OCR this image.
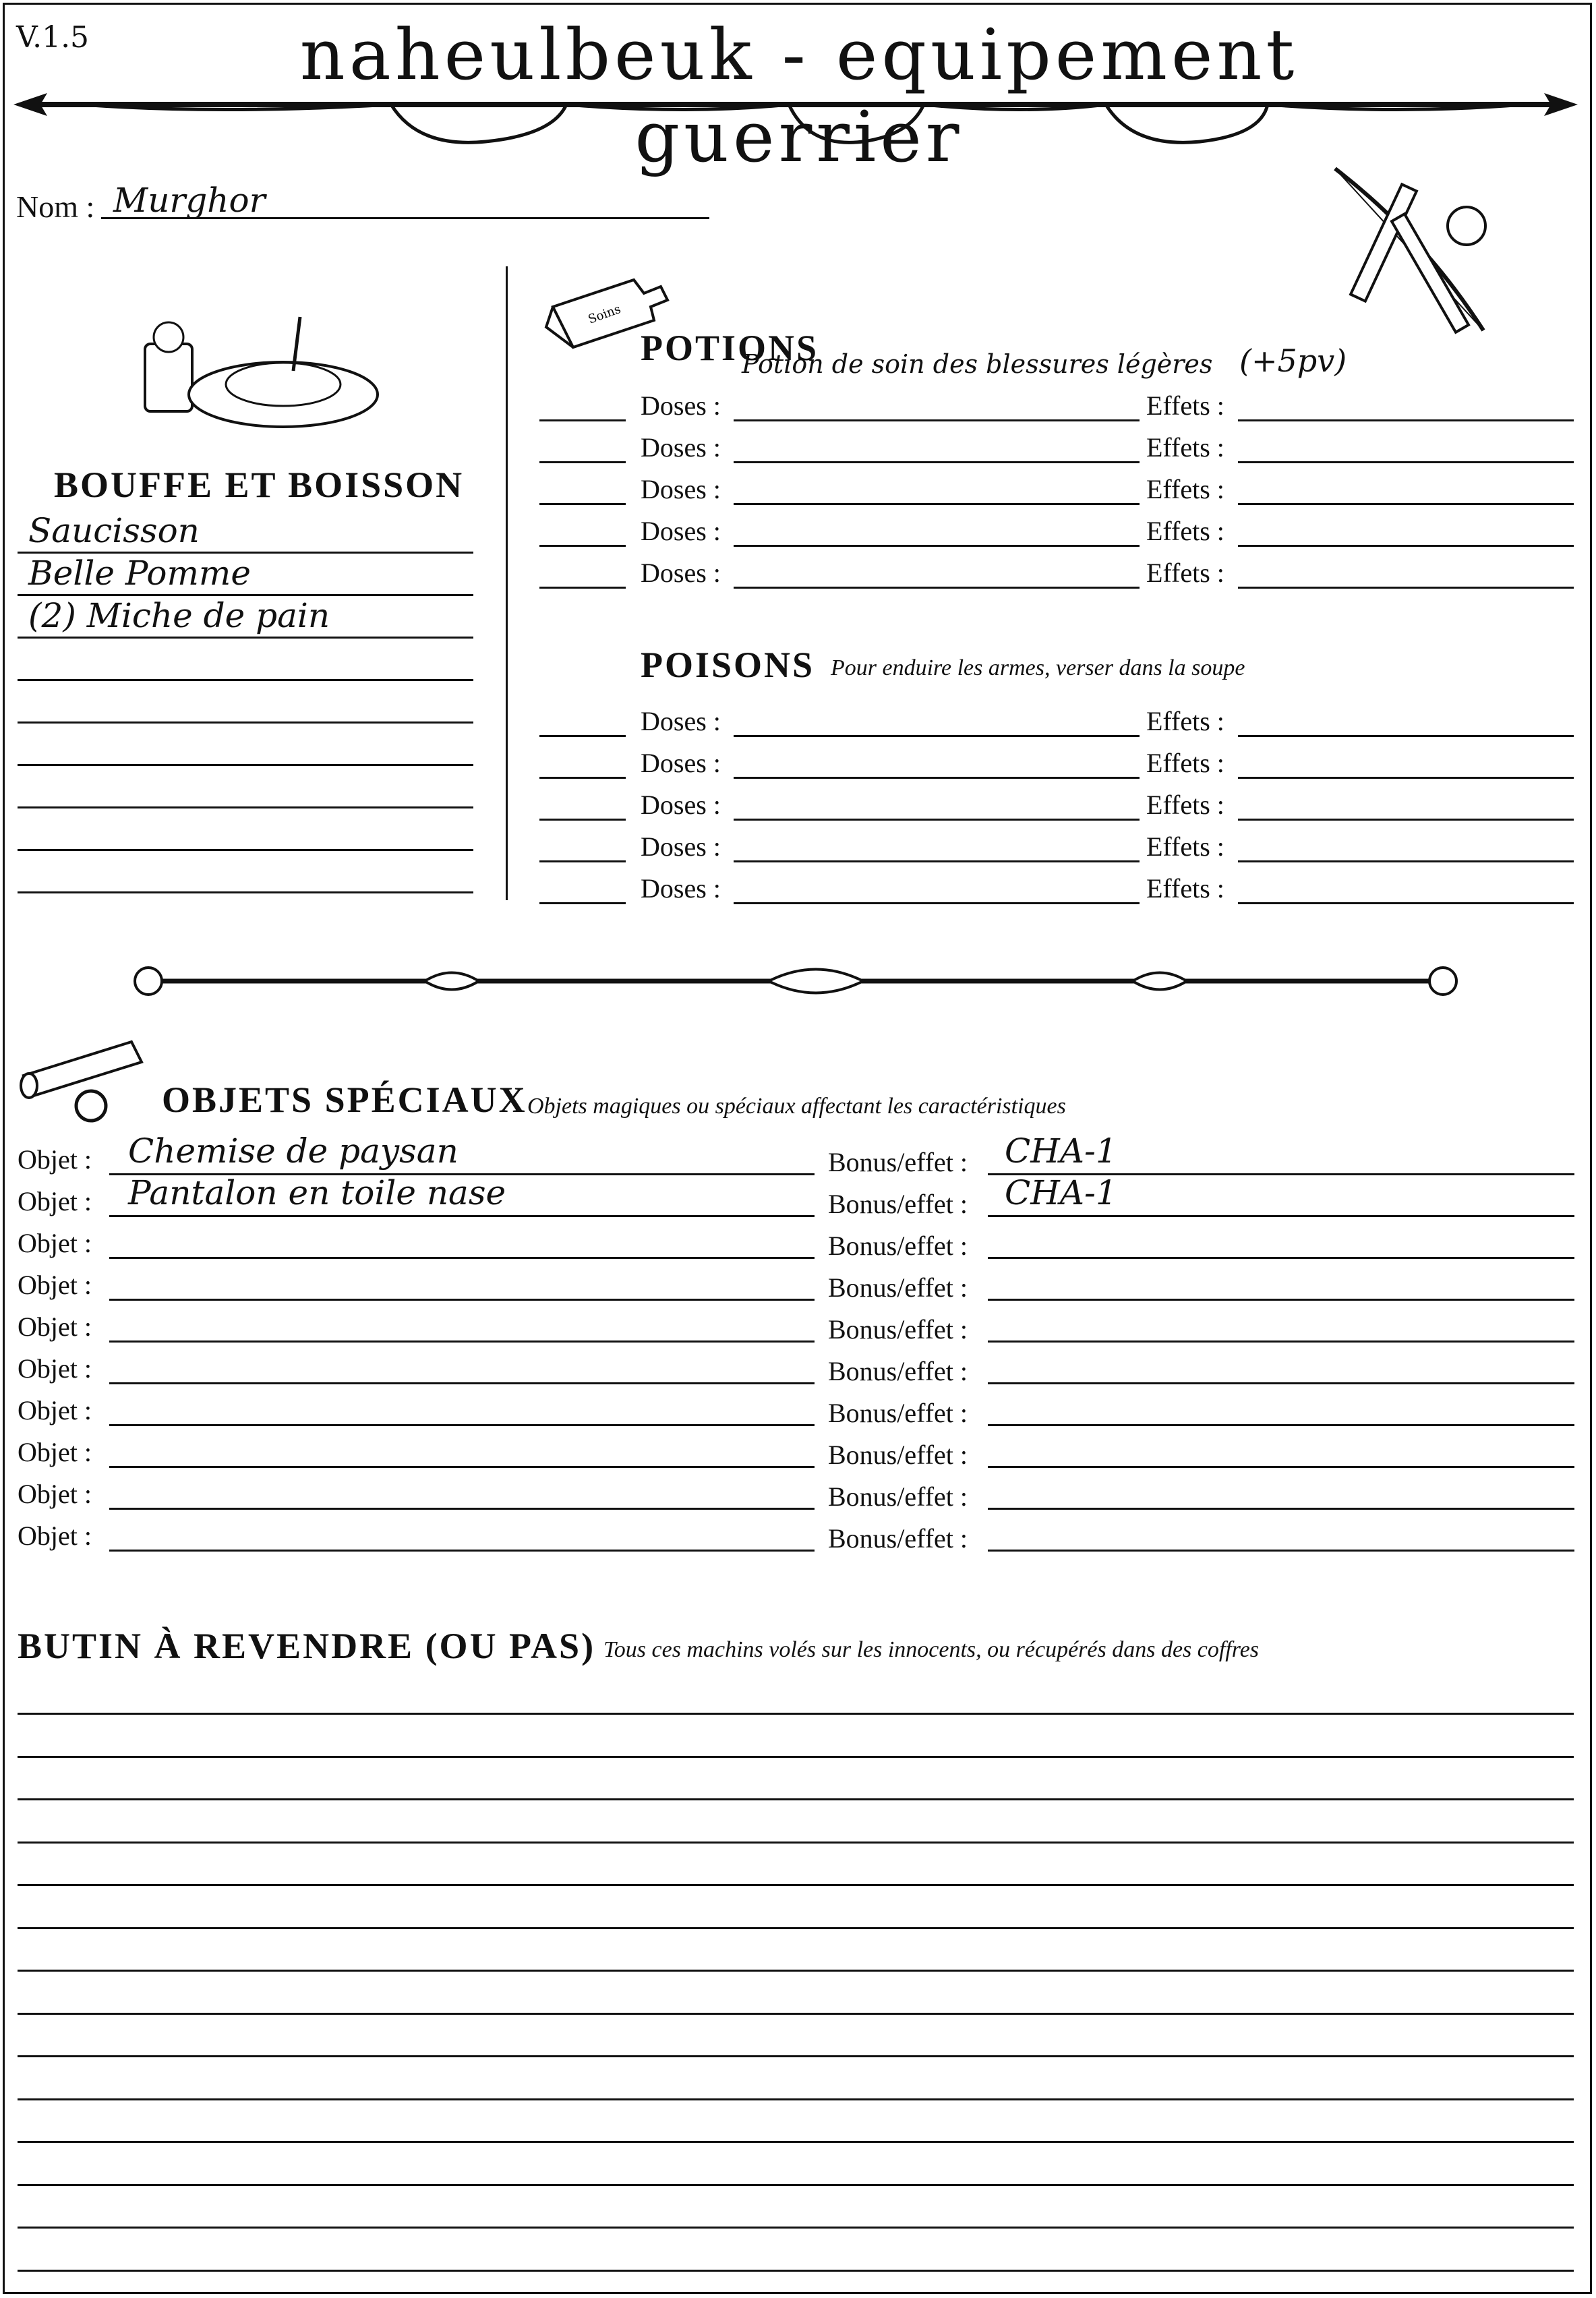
V.1.5	naheulbeuk - equipement guerrier
Nom : Murghor
BOUFFE ET BOISSON
Saucisson
Belle Pomme
(2) Miche de pain
Soins
POTIONS
Potion de soin des blessures légères (+5pv)
Doses :	Effets :
Doses :	Effets :
Doses :	Effets :
Doses :	Effets :
Doses :	Effets :
POISONS Pour enduire les armes, verser dans la soupe
Doses :	Effets :
Doses :	Effets :
Doses :	Effets :
Doses :	Effets :
Doses :	Effets :
OBJETS SPÉCIAUX Objets magiques ou spéciaux affectant les caractéristiques
Objet : Chemise de paysan	Bonus/effet : CHA-1
Objet : Pantalon en toile nase	Bonus/effet : CHA-1
Objet :	Bonus/effet :
Objet :	Bonus/effet :
Objet :	Bonus/effet :
Objet :	Bonus/effet :
Objet :	Bonus/effet :
Objet :	Bonus/effet :
Objet :	Bonus/effet :
Objet :	Bonus/effet :
BUTIN À REVENDRE (OU PAS) Tous ces machins volés sur les innocents, ou récupérés dans des coffres
